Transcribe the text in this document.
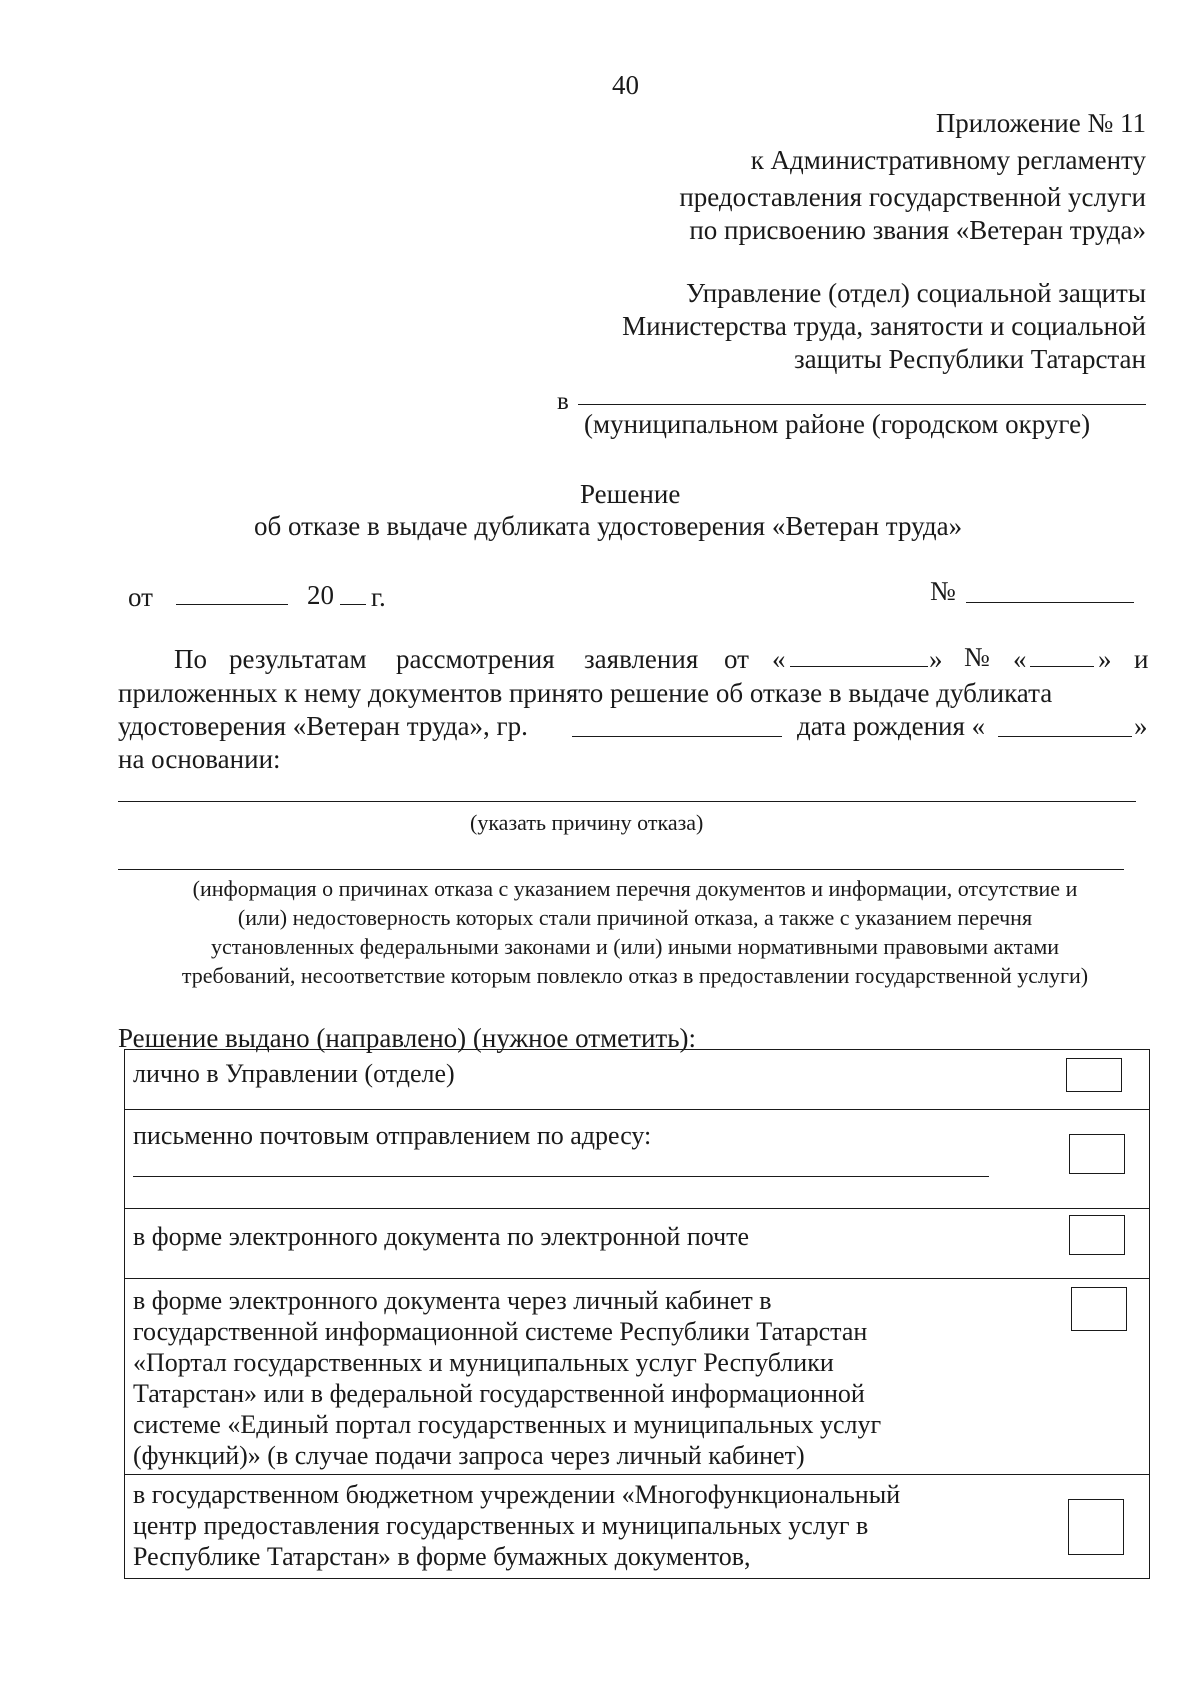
40
Приложение № 11
к Административному регламенту
предоставления государственной услуги
по присвоению звания «Ветеран труда»
Управление (отдел) социальной защиты
Министерства труда, занятости и социальной
защиты Республики Татарстан
в
(муниципальном районе (городском округе)
Решение
об отказе в выдаче дубликата удостоверения «Ветеран труда»
от	20 г.	№
По результатам рассмотрения заявления от «	» № «	» и
приложенных к нему документов принято решение об отказе в выдаче дубликата
удостоверения «Ветеран труда», гр.	дата рождения «	»
на основании:
(указать причину отказа)
(информация о причинах отказа с указанием перечня документов и информации, отсутствие и
(или) недостоверность которых стали причиной отказа, а также с указанием перечня
установленных федеральными законами и (или) иными нормативными правовыми актами
требований, несоответствие которым повлекло отказ в предоставлении государственной услуги)
Решение выдано (направлено) (нужное отметить):
лично в Управлении (отделе)
письменно почтовым отправлением по адресу:
в форме электронного документа по электронной почте
в форме электронного документа через личный кабинет в
государственной информационной системе Республики Татарстан
«Портал государственных и муниципальных услуг Республики
Татарстан» или в федеральной государственной информационной
системе «Единый портал государственных и муниципальных услуг
(функций)» (в случае подачи запроса через личный кабинет)
в государственном бюджетном учреждении «Многофункциональный
центр предоставления государственных и муниципальных услуг в
Республике Татарстан» в форме бумажных документов,
